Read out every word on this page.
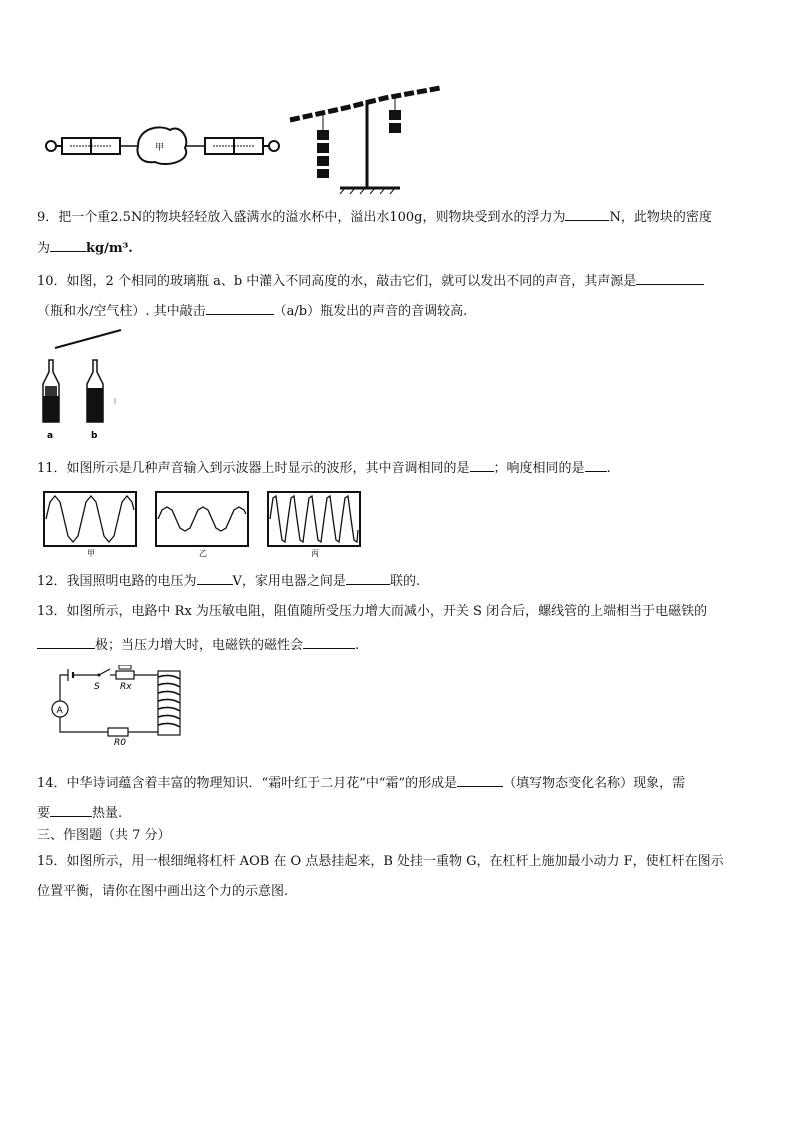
甲
9．把一个重2.5N的物块轻轻放入盛满水的溢水杯中，溢出水100g，则物块受到水的浮力为	N，此物块的密度
为	kg/m³.
10．如图，2 个相同的玻璃瓶 a、b 中灌入不同高度的水，敲击它们，就可以发出不同的声音，其声源是
（瓶和水/空气柱）. 其中敲击	（a/b）瓶发出的声音的音调较高.
a	b
11．如图所示是几种声音输入到示波器上时显示的波形，其中音调相同的是 ；响度相同的是 .
甲	乙	丙
12．我国照明电路的电压为	V，家用电器之间是	联的.
13．如图所示，电路中 Rx 为压敏电阻，阻值随所受压力增大而减小，开关 S 闭合后，螺线管的上端相当于电磁铁的
极；当压力增大时，电磁铁的磁性会	.
A
S Rx
R0
14．中华诗词蕴含着丰富的物理知识．“霜叶红于二月花”中“霜”的形成是	（填写物态变化名称）现象，需
要	热量.
三、作图题（共 7 分）
15．如图所示，用一根细绳将杠杆 AOB 在 O 点悬挂起来，B 处挂一重物 G，在杠杆上施加最小动力 F，使杠杆在图示
位置平衡，请你在图中画出这个力的示意图.
